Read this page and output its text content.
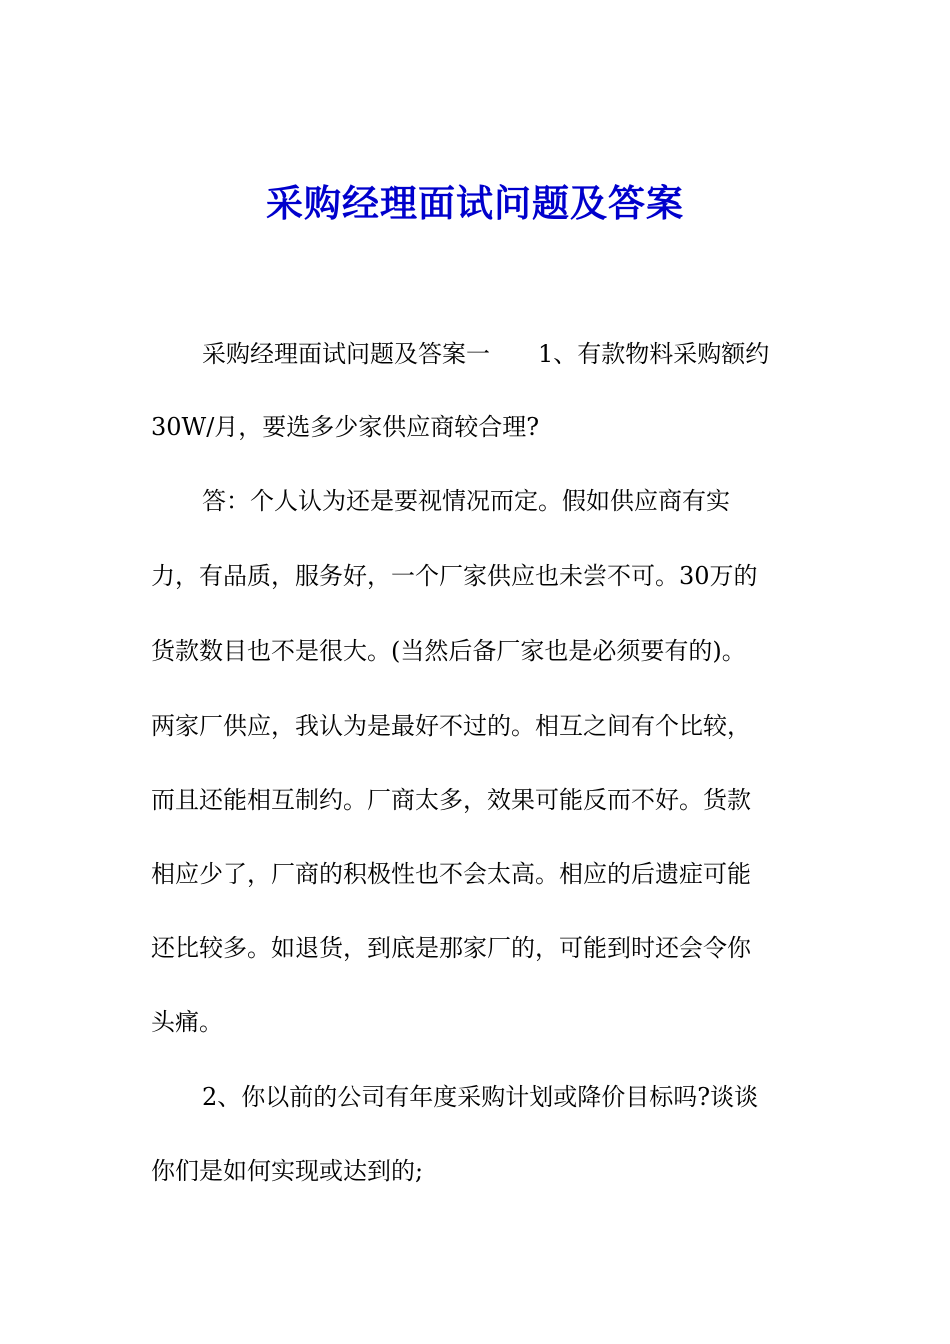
采购经理面试问题及答案
采购经理面试问题及答案一　　1、有款物料采购额约
30W/月，要选多少家供应商较合理?
答：个人认为还是要视情况而定。假如供应商有实
力，有品质，服务好，一个厂家供应也未尝不可。30万的
货款数目也不是很大。(当然后备厂家也是必须要有的)。
两家厂供应，我认为是最好不过的。相互之间有个比较，
而且还能相互制约。厂商太多，效果可能反而不好。货款
相应少了，厂商的积极性也不会太高。相应的后遗症可能
还比较多。如退货，到底是那家厂的，可能到时还会令你
头痛。
2、你以前的公司有年度采购计划或降价目标吗?谈谈
你们是如何实现或达到的;
